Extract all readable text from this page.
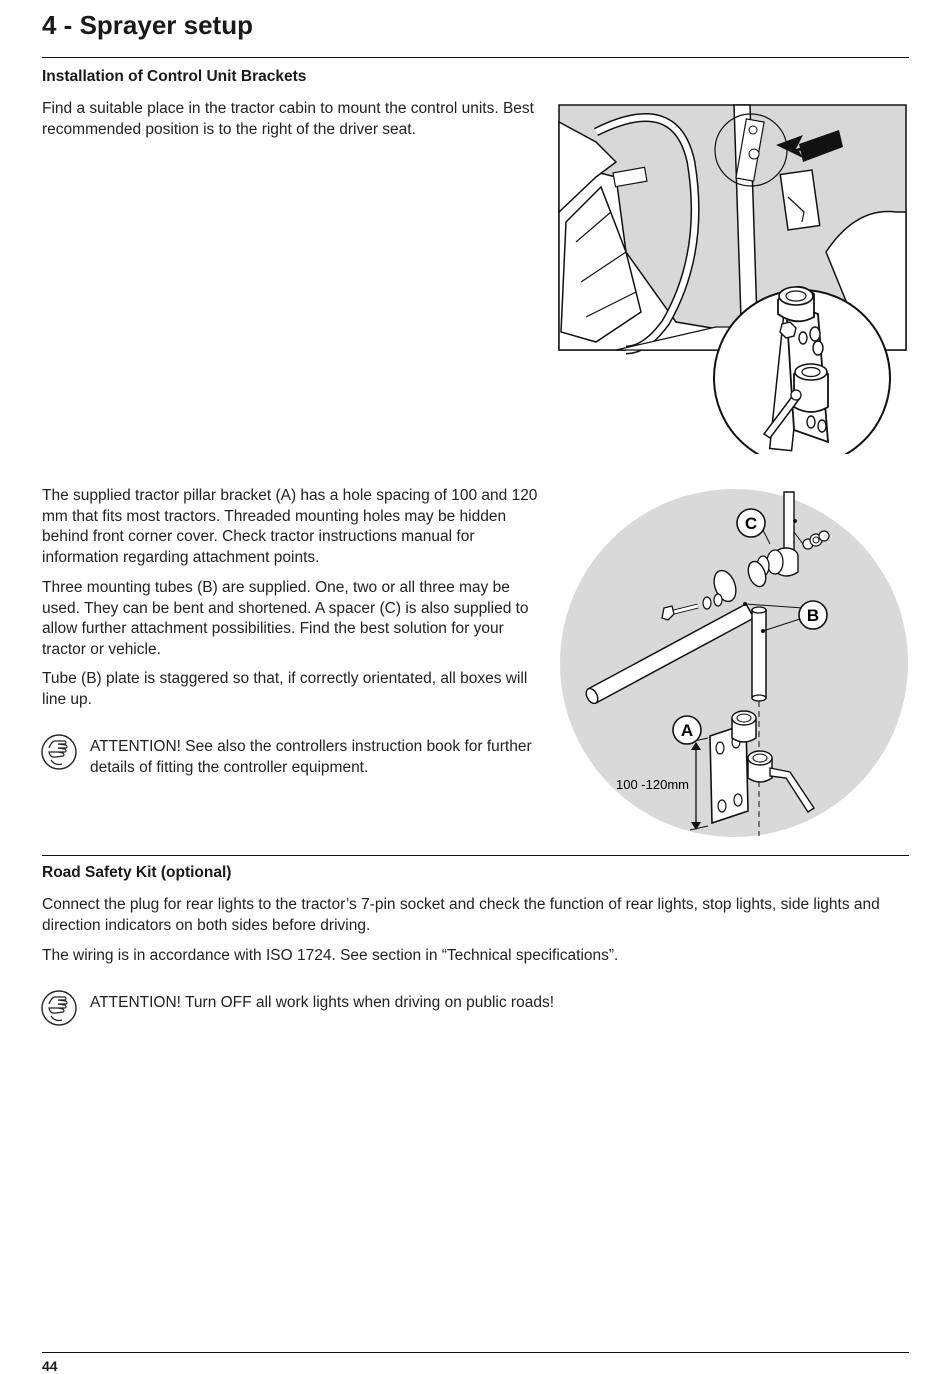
4 - Sprayer setup
Installation of Control Unit Brackets
Find a suitable place in the tractor cabin to mount the control units. Best
recommended position is to the right of the driver seat.
The supplied tractor pillar bracket (A) has a hole spacing of 100 and 120
mm that fits most tractors. Threaded mounting holes may be hidden
behind front corner cover. Check tractor instructions manual for
information regarding attachment points.
Three mounting tubes (B) are supplied. One, two or all three may be
used. They can be bent and shortened. A spacer (C) is also supplied to
allow further attachment possibilities. Find the best solution for your
tractor or vehicle.
Tube (B) plate is staggered so that, if correctly orientated, all boxes will
line up.
ATTENTION! See also the controllers instruction book for further
details of fitting the controller equipment.
C
B
A
100 -120mm
Road Safety Kit (optional)
Connect the plug for rear lights to the tractor’s 7-pin socket and check the function of rear lights, stop lights, side lights and
direction indicators on both sides before driving.
The wiring is in accordance with ISO 1724. See section in “Technical specifications”.
ATTENTION! Turn OFF all work lights when driving on public roads!
44
